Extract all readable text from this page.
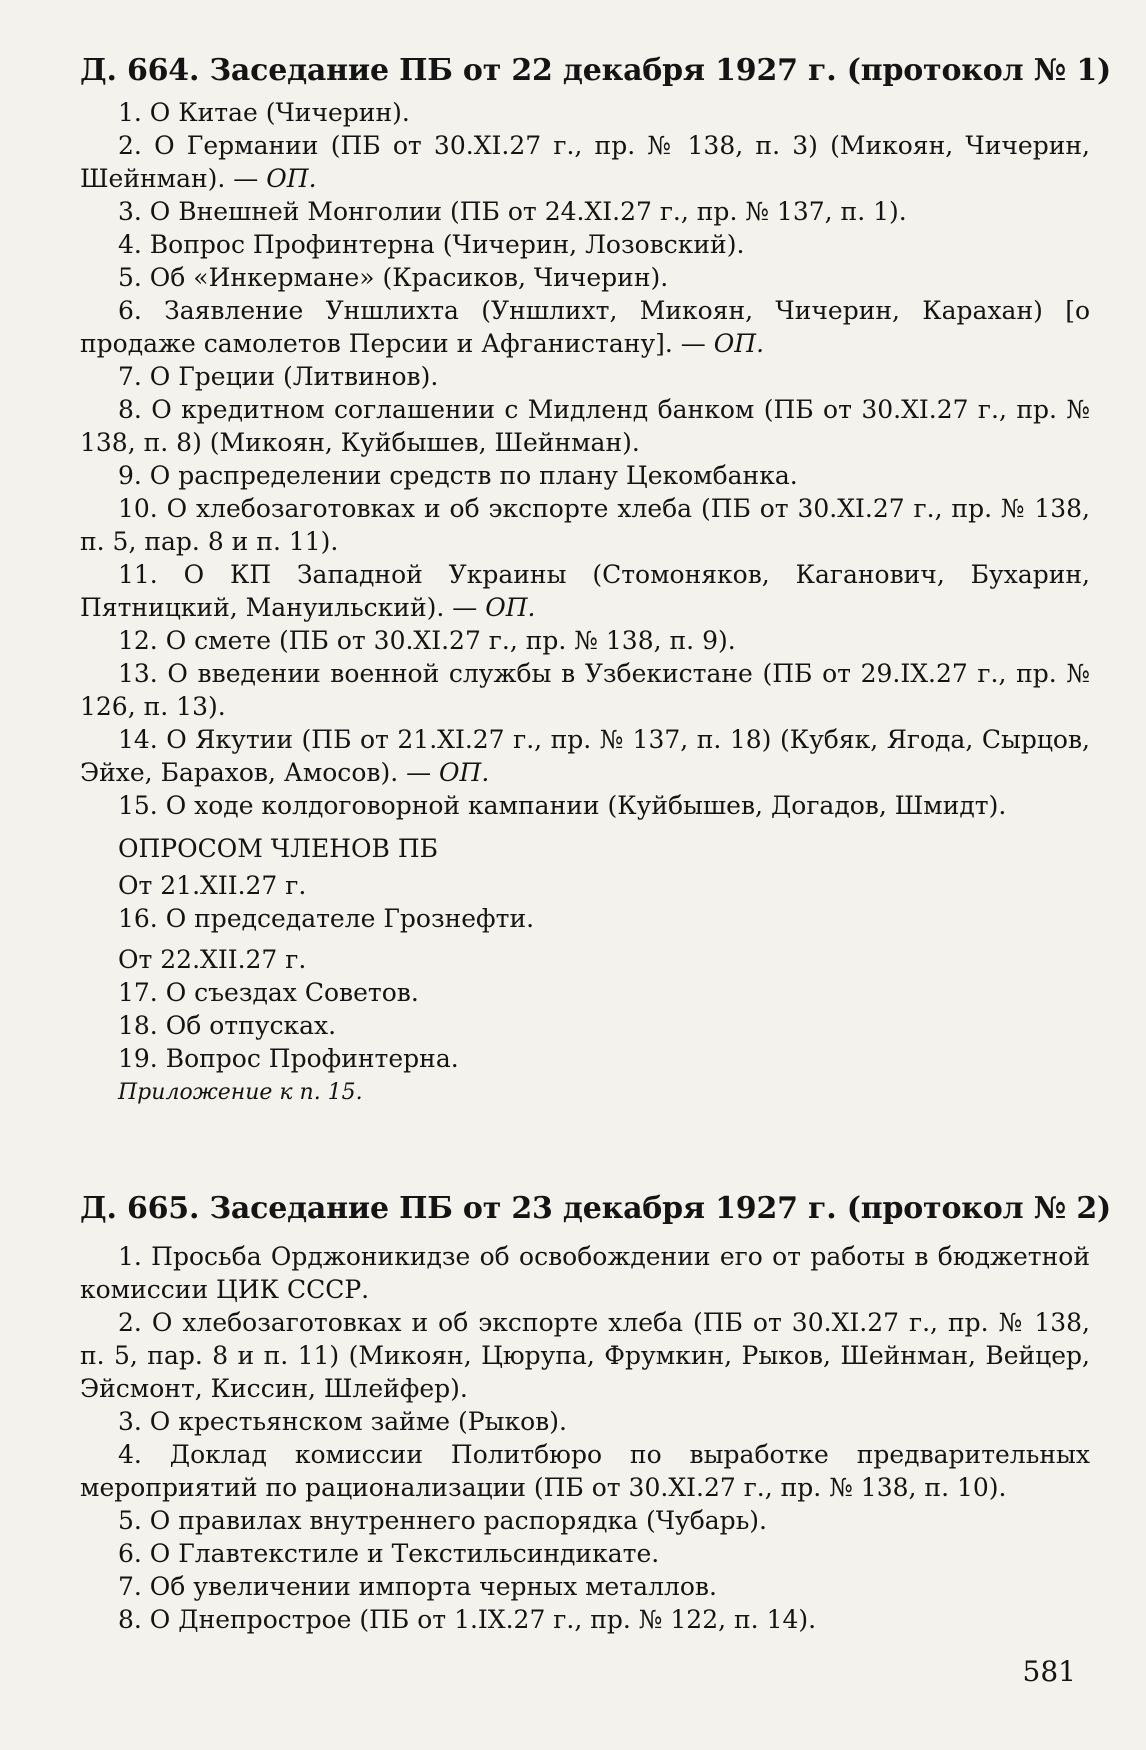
Д. 664. Заседание ПБ от 22 декабря 1927 г. (протокол № 1)

1. О Китае (Чичерин).

2. О Германии (ПБ от 30.XI.27 г., пр. № 138, п. 3) (Микоян, Чичерин, Шейнман). — ОП.

3. О Внешней Монголии (ПБ от 24.XI.27 г., пр. № 137, п. 1).

4. Вопрос Профинтерна (Чичерин, Лозовский).

5. Об «Инкермане» (Красиков, Чичерин).

6. Заявление Уншлихта (Уншлихт, Микоян, Чичерин, Карахан) [о продаже самолетов Персии и Афганистану]. — ОП.

7. О Греции (Литвинов).

8. О кредитном соглашении с Мидленд банком (ПБ от 30.XI.27 г., пр. № 138, п. 8) (Микоян, Куйбышев, Шейнман).

9. О распределении средств по плану Цекомбанка.

10. О хлебозаготовках и об экспорте хлеба (ПБ от 30.XI.27 г., пр. № 138, п. 5, пар. 8 и п. 11).

11. О КП Западной Украины (Стомоняков, Каганович, Бухарин, Пятницкий, Мануильский). — ОП.

12. О смете (ПБ от 30.XI.27 г., пр. № 138, п. 9).

13. О введении военной службы в Узбекистане (ПБ от 29.IX.27 г., пр. № 126, п. 13).

14. О Якутии (ПБ от 21.XI.27 г., пр. № 137, п. 18) (Кубяк, Ягода, Сырцов, Эйхе, Барахов, Амосов). — ОП.

15. О ходе колдоговорной кампании (Куйбышев, Догадов, Шмидт).

ОПРОСОМ ЧЛЕНОВ ПБ

От 21.XII.27 г.

16. О председателе Грознефти.

От 22.XII.27 г.

17. О съездах Советов.

18. Об отпусках.

19. Вопрос Профинтерна.

Приложение к п. 15.

Д. 665. Заседание ПБ от 23 декабря 1927 г. (протокол № 2)

1. Просьба Орджоникидзе об освобождении его от работы в бюджетной комиссии ЦИК СССР.

2. О хлебозаготовках и об экспорте хлеба (ПБ от 30.XI.27 г., пр. № 138, п. 5, пар. 8 и п. 11) (Микоян, Цюрупа, Фрумкин, Рыков, Шейнман, Вейцер, Эйсмонт, Киссин, Шлейфер).

3. О крестьянском займе (Рыков).

4. Доклад комиссии Политбюро по выработке предварительных мероприятий по рационализации (ПБ от 30.XI.27 г., пр. № 138, п. 10).

5. О правилах внутреннего распорядка (Чубарь).

6. О Главтекстиле и Текстильсиндикате.

7. Об увеличении импорта черных металлов.

8. О Днепрострое (ПБ от 1.IX.27 г., пр. № 122, п. 14).

581
